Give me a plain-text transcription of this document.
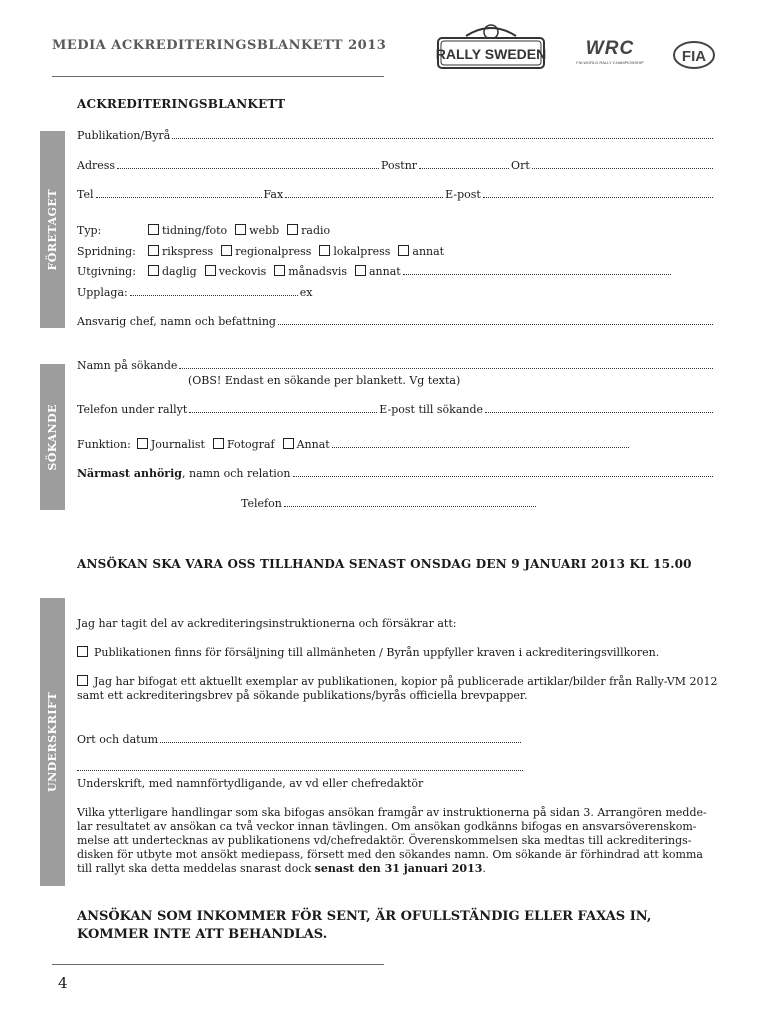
MEDIA ACKREDITERINGSBLANKETT 2013
RALLY SWEDEN WRC
FIA WORLD RALLY CHAMPIONSHIP	FIA
ACKREDITERINGSBLANKETT
FÖRETAGET
Publikation/Byrå
Adress	Postnr	Ort
Tel	Fax	E-post
Typ:	tidning/foto	webb	radio
Spridning:	rikspress	regionalpress	lokalpress	annat
Utgivning:	daglig	veckovis	månadsvis	annat
Upplaga:	ex
Ansvarig chef, namn och befattning
SÖKANDE
Namn på sökande
(OBS! Endast en sökande per blankett. Vg texta)
Telefon under rallyt	E-post till sökande
Funktion:	Journalist	Fotograf	Annat
Närmast anhörig , namn och relation
Telefon
ANSÖKAN SKA VARA OSS TILLHANDA SENAST ONSDAG DEN 9 JANUARI 2013 KL 15.00
UNDERSKRIFT
Jag har tagit del av ackrediteringsinstruktionerna och försäkrar att:
Publikationen finns för försäljning till allmänheten / Byrån uppfyller kraven i ackrediteringsvillkoren.
Jag har bifogat ett aktuellt exemplar av publikationen, kopior på publicerade artiklar/bilder från Rally-VM 2012
samt ett ackrediteringsbrev på sökande publikations/byrås officiella brevpapper.
Ort och datum
Underskrift, med namnförtydligande, av vd eller chefredaktör
Vilka ytterligare handlingar som ska bifogas ansökan framgår av instruktionerna på sidan 3. Arrangören medde-
lar resultatet av ansökan ca två veckor innan tävlingen. Om ansökan godkänns bifogas en ansvarsöverenskom-
melse att undertecknas av publikationens vd/chefredaktör. Överenskommelsen ska medtas till ackrediterings-
disken för utbyte mot ansökt mediepass, försett med den sökandes namn. Om sökande är förhindrad att komma
till rallyt ska detta meddelas snarast dock senast den 31 januari 2013.
ANSÖKAN SOM INKOMMER FÖR SENT, ÄR OFULLSTÄNDIG ELLER FAXAS IN,
KOMMER INTE ATT BEHANDLAS.
4
